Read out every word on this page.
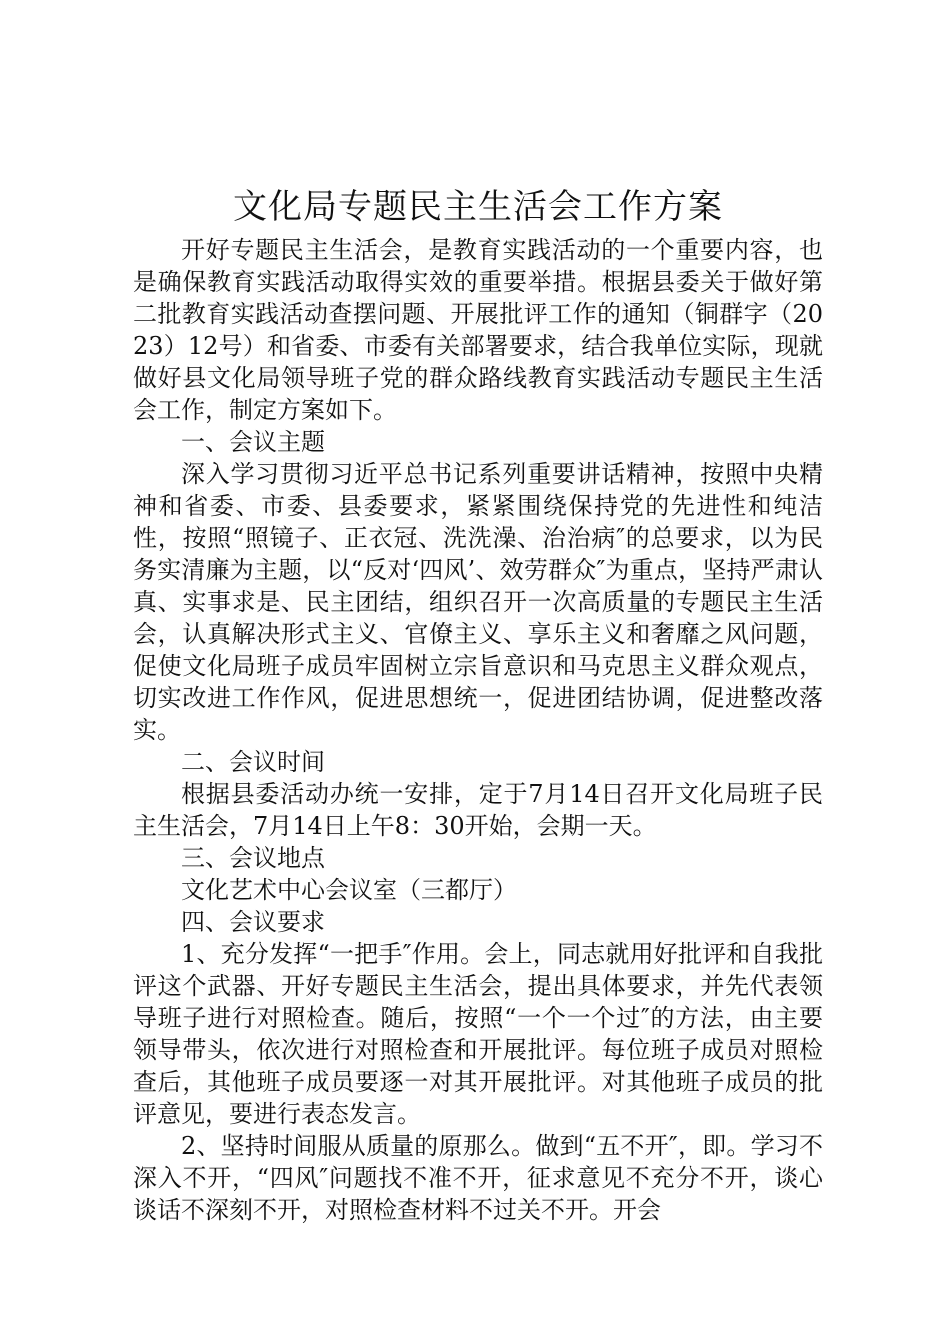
文化局专题民主生活会工作方案

开好专题民主生活会，是教育实践活动的一个重要内容，也是确保教育实践活动取得实效的重要举措。根据县委关于做好第二批教育实践活动查摆问题、开展批评工作的通知（铜群字（2023）12号）和省委、市委有关部署要求，结合我单位实际，现就做好县文化局领导班子党的群众路线教育实践活动专题民主生活会工作，制定方案如下。

一、会议主题

深入学习贯彻习近平总书记系列重要讲话精神，按照中央精神和省委、市委、县委要求，紧紧围绕保持党的先进性和纯洁性，按照“照镜子、正衣冠、洗洗澡、治治病″的总要求，以为民务实清廉为主题，以“反对‘四风’、效劳群众″为重点，坚持严肃认真、实事求是、民主团结，组织召开一次高质量的专题民主生活会，认真解决形式主义、官僚主义、享乐主义和奢靡之风问题，促使文化局班子成员牢固树立宗旨意识和马克思主义群众观点，切实改进工作作风，促进思想统一，促进团结协调，促进整改落实。

二、会议时间

根据县委活动办统一安排，定于7月14日召开文化局班子民主生活会，7月14日上午8：30开始，会期一天。

三、会议地点

文化艺术中心会议室（三都厅）

四、会议要求

1、充分发挥“一把手″作用。会上，同志就用好批评和自我批评这个武器、开好专题民主生活会，提出具体要求，并先代表领导班子进行对照检查。随后，按照“一个一个过″的方法，由主要领导带头，依次进行对照检查和开展批评。每位班子成员对照检查后，其他班子成员要逐一对其开展批评。对其他班子成员的批评意见，要进行表态发言。

2、坚持时间服从质量的原那么。做到“五不开″，即。学习不深入不开，“四风″问题找不准不开，征求意见不充分不开，谈心谈话不深刻不开，对照检查材料不过关不开。开会
